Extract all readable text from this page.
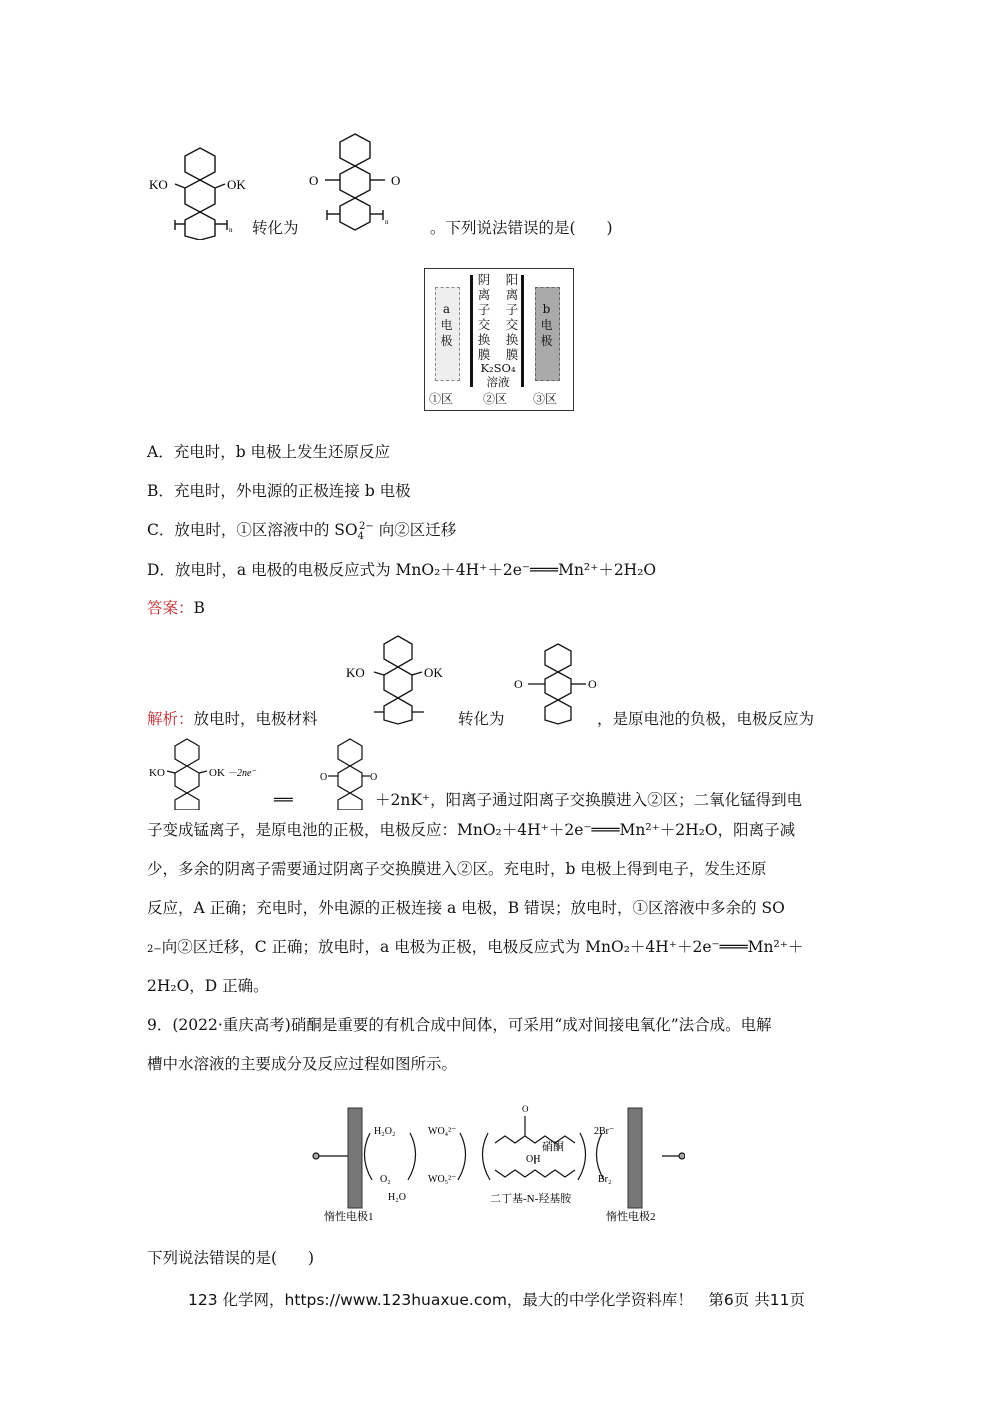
KO	OK
n 转化为
O	O
n	。下列说法错误的是(　　)
a
电
极
阴
离
子
交
换
膜
阳
离
子
交
换
膜
K₂SO₄
溶液
b
电
极
①区 ②区 ③区
A．充电时，b 电极上发生还原反应
B．充电时，外电源的正极连接 b 电极
C．放电时，①区溶液中的 $SO_4^{2-}$ 向②区迁移
D．放电时，a 电极的电极反应式为 MnO₂＋4H⁺＋2e⁻═══Mn²⁺＋2H₂O
答案：B
KO	OK
O	O
解析：放电时，电极材料	转化为	，是原电池的负极，电极反应为
KO	OK －2ne⁻
══
O	O
＋2nK⁺，阳离子通过阳离子交换膜进入②区；二氧化锰得到电
子变成锰离子，是原电池的正极，电极反应：MnO₂＋4H⁺＋2e⁻═══Mn²⁺＋2H₂O，阳离子减
少，多余的阴离子需要通过阴离子交换膜进入②区。充电时，b 电极上得到电子，发生还原
反应，A 正确；充电时，外电源的正极连接 a 电极，B 错误；放电时，①区溶液中多余的 SO
2−向②区迁移，C 正确；放电时，a 电极为正极，电极反应式为 MnO₂＋4H⁺＋2e⁻═══Mn²⁺＋
2H₂O，D 正确。
9．(2022·重庆高考)硝酮是重要的有机合成中间体，可采用“成对间接电氧化”法合成。电解
槽中水溶液的主要成分及反应过程如图所示。
O
H₂O₂
O₂
H₂O
WO₄²⁻
WO₅²⁻
硝酮
OH
二丁基-N-羟基胺
2Br⁻
Br₂
惰性电极1	惰性电极2
下列说法错误的是(　　)
123 化学网，https://www.123huaxue.com，最大的中学化学资料库！　第6页 共11页
